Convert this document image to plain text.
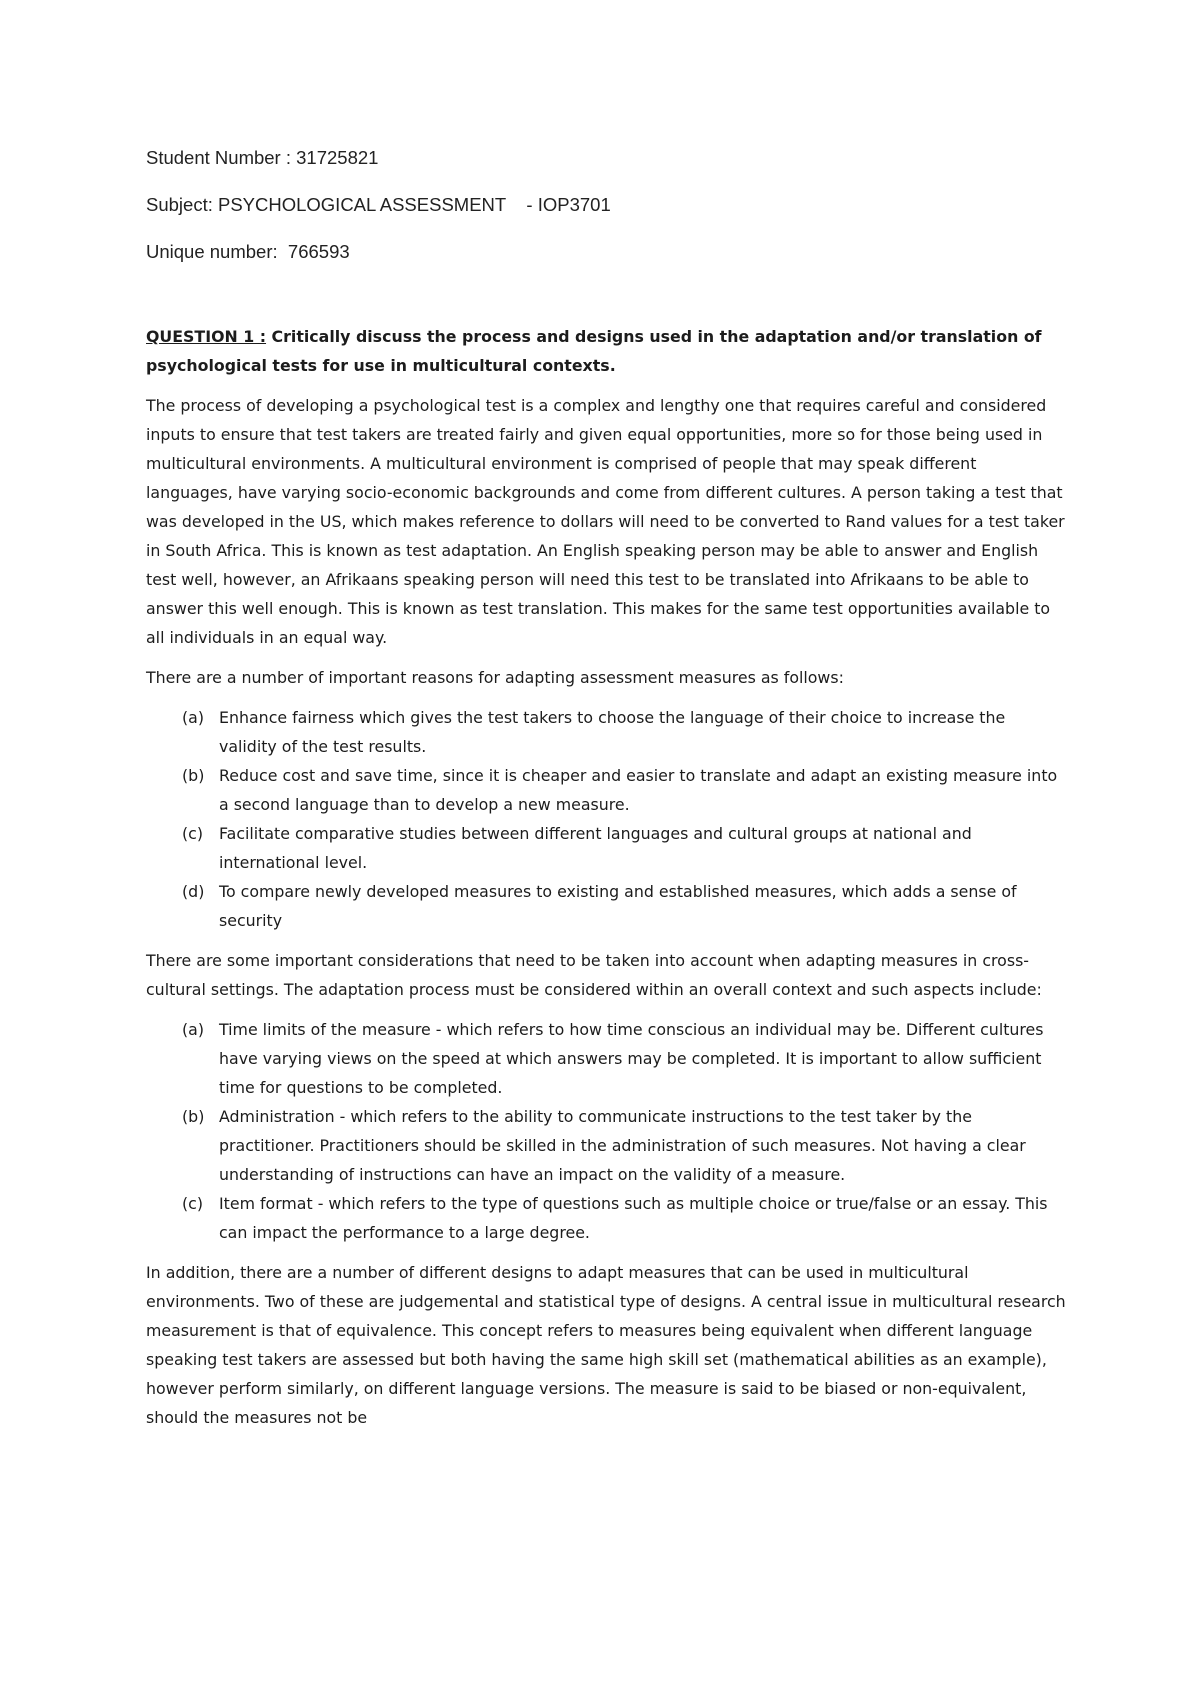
Student Number : 31725821
Subject: PSYCHOLOGICAL ASSESSMENT    - IOP3701
Unique number:  766593

QUESTION 1 : Critically discuss the process and designs used in the adaptation and/or translation of psychological tests for use in multicultural contexts.

The process of developing a psychological test is a complex and lengthy one that requires careful and considered inputs to ensure that test takers are treated fairly and given equal opportunities, more so for those being used in multicultural environments. A multicultural environment is comprised of people that may speak different languages, have varying socio-economic backgrounds and come from different cultures. A person taking a test that was developed in the US, which makes reference to dollars will need to be converted to Rand values for a test taker in South Africa. This is known as test adaptation. An English speaking person may be able to answer and English test well, however, an Afrikaans speaking person will need this test to be translated into Afrikaans to be able to answer this well enough. This is known as test translation. This makes for the same test opportunities available to all individuals in an equal way.

There are a number of important reasons for adapting assessment measures as follows:

(a) Enhance fairness which gives the test takers to choose the language of their choice to increase the validity of the test results.
(b) Reduce cost and save time, since it is cheaper and easier to translate and adapt an existing measure into a second language than to develop a new measure.
(c) Facilitate comparative studies between different languages and cultural groups at national and international level.
(d) To compare newly developed measures to existing and established measures, which adds a sense of security

There are some important considerations that need to be taken into account when adapting measures in cross-cultural settings. The adaptation process must be considered within an overall context and such aspects include:

(a) Time limits of the measure - which refers to how time conscious an individual may be. Different cultures have varying views on the speed at which answers may be completed. It is important to allow sufficient time for questions to be completed.
(b) Administration - which refers to the ability to communicate instructions to the test taker by the practitioner. Practitioners should be skilled in the administration of such measures. Not having a clear understanding of instructions can have an impact on the validity of a measure.
(c) Item format - which refers to the type of questions such as multiple choice or true/false or an essay. This can impact the performance to a large degree.

In addition, there are a number of different designs to adapt measures that can be used in multicultural environments. Two of these are judgemental and statistical type of designs. A central issue in multicultural research measurement is that of equivalence. This concept refers to measures being equivalent when different language speaking test takers are assessed but both having the same high skill set (mathematical abilities as an example), however perform similarly, on different language versions. The measure is said to be biased or non-equivalent, should the measures not be
